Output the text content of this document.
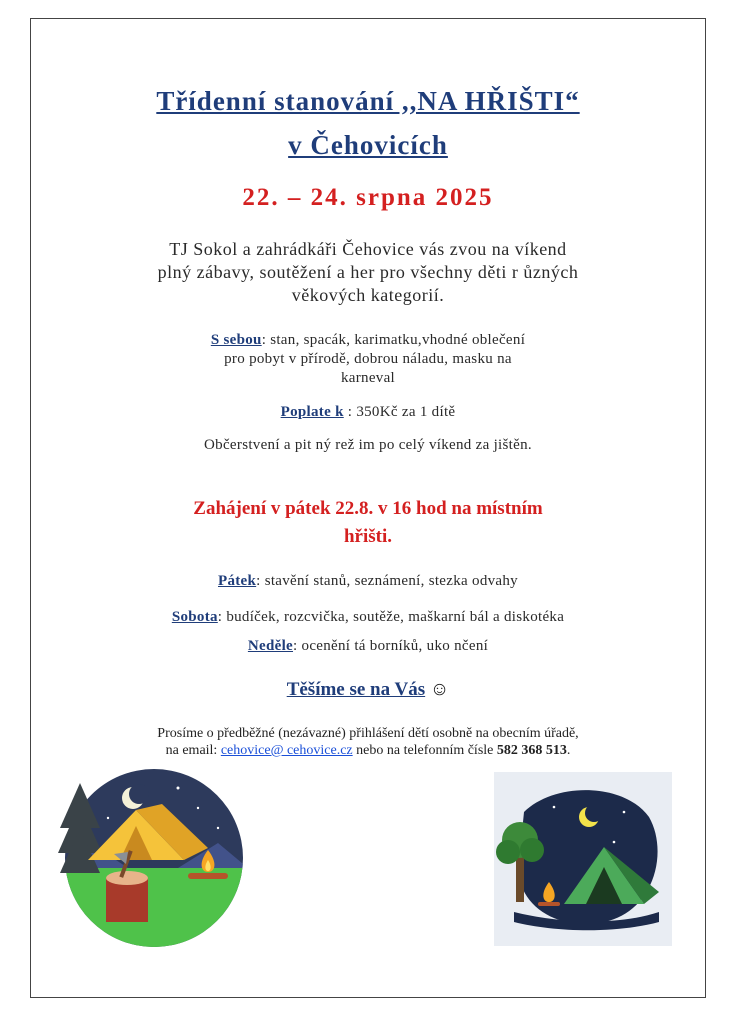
Třídenní stanování ,,NA HŘIŠTI“
v Čehovicích
22. – 24. srpna 2025
TJ Sokol a zahrádkáři Čehovice vás zvou na víkend
plný zábavy, soutěžení a her pro všechny děti r ůzných
věkových kategorií.
S sebou: stan, spacák, karimatku,vhodné oblečení
pro pobyt v přírodě, dobrou náladu, masku na
karneval
Poplate k : 350Kč za 1 dítě
Občerstvení a pit ný rež im po celý víkend za jištěn.
Zahájení v pátek 22.8. v 16 hod na místním
hřišti.
Pátek: stavění stanů, seznámení, stezka odvahy
Sobota: budíček, rozcvička, soutěže, maškarní bál a diskotéka
Neděle: ocenění tá borníků, uko nčení
Těšíme se na Vás ☺
Prosíme o předběžné (nezávazné) přihlášení dětí osobně na obecním úřadě,
na email: cehovice@ cehovice.cz nebo na telefonním čísle 582 368 513.
